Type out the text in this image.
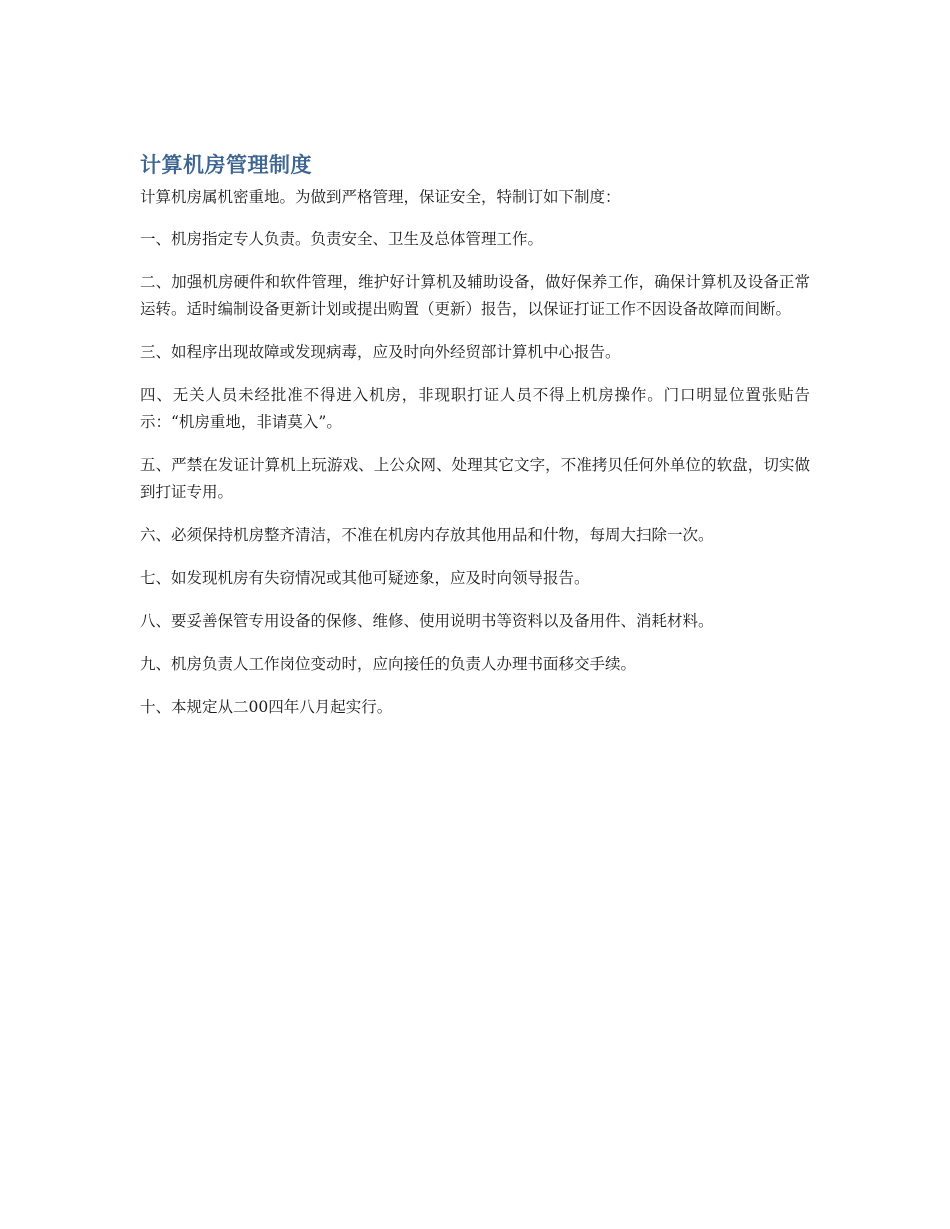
计算机房管理制度

计算机房属机密重地。为做到严格管理，保证安全，特制订如下制度：

一、机房指定专人负责。负责安全、卫生及总体管理工作。

二、加强机房硬件和软件管理，维护好计算机及辅助设备，做好保养工作，确保计算机及设备正常运转。适时编制设备更新计划或提出购置（更新）报告，以保证打证工作不因设备故障而间断。

三、如程序出现故障或发现病毒，应及时向外经贸部计算机中心报告。

四、无关人员未经批准不得进入机房，非现职打证人员不得上机房操作。门口明显位置张贴告示：“机房重地，非请莫入”。

五、严禁在发证计算机上玩游戏、上公众网、处理其它文字，不准拷贝任何外单位的软盘，切实做到打证专用。

六、必须保持机房整齐清洁，不准在机房内存放其他用品和什物，每周大扫除一次。

七、如发现机房有失窃情况或其他可疑迹象，应及时向领导报告。

八、要妥善保管专用设备的保修、维修、使用说明书等资料以及备用件、消耗材料。

九、机房负责人工作岗位变动时，应向接任的负责人办理书面移交手续。

十、本规定从二00四年八月起实行。
